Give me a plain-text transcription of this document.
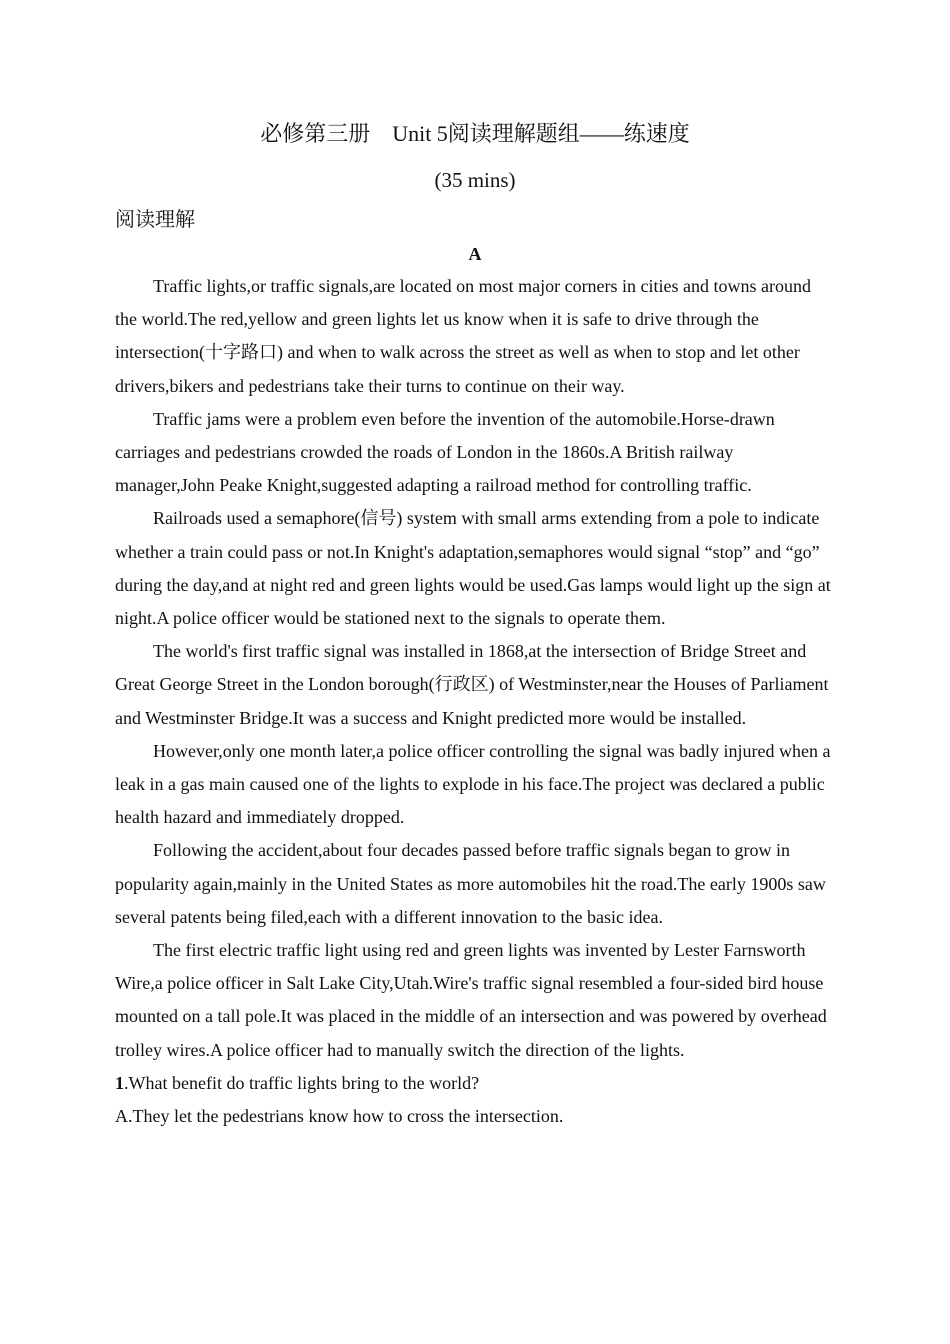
必修第三册　Unit 5阅读理解题组——练速度
(35 mins)
阅读理解
A

Traffic lights,or traffic signals,are located on most major corners in cities and towns around the world.The red,yellow and green lights let us know when it is safe to drive through the intersection(十字路口) and when to walk across the street as well as when to stop and let other drivers,bikers and pedestrians take their turns to continue on their way.

Traffic jams were a problem even before the invention of the automobile.Horse-drawn carriages and pedestrians crowded the roads of London in the 1860s.A British railway manager,John Peake Knight,suggested adapting a railroad method for controlling traffic.

Railroads used a semaphore(信号) system with small arms extending from a pole to indicate whether a train could pass or not.In Knight's adaptation,semaphores would signal “stop” and “go” during the day,and at night red and green lights would be used.Gas lamps would light up the sign at night.A police officer would be stationed next to the signals to operate them.

The world's first traffic signal was installed in 1868,at the intersection of Bridge Street and Great George Street in the London borough(行政区) of Westminster,near the Houses of Parliament and Westminster Bridge.It was a success and Knight predicted more would be installed.

However,only one month later,a police officer controlling the signal was badly injured when a leak in a gas main caused one of the lights to explode in his face.The project was declared a public health hazard and immediately dropped.

Following the accident,about four decades passed before traffic signals began to grow in popularity again,mainly in the United States as more automobiles hit the road.The early 1900s saw several patents being filed,each with a different innovation to the basic idea.

The first electric traffic light using red and green lights was invented by Lester Farnsworth Wire,a police officer in Salt Lake City,Utah.Wire's traffic signal resembled a four-sided bird house mounted on a tall pole.It was placed in the middle of an intersection and was powered by overhead trolley wires.A police officer had to manually switch the direction of the lights.

1.What benefit do traffic lights bring to the world?

A.They let the pedestrians know how to cross the intersection.
